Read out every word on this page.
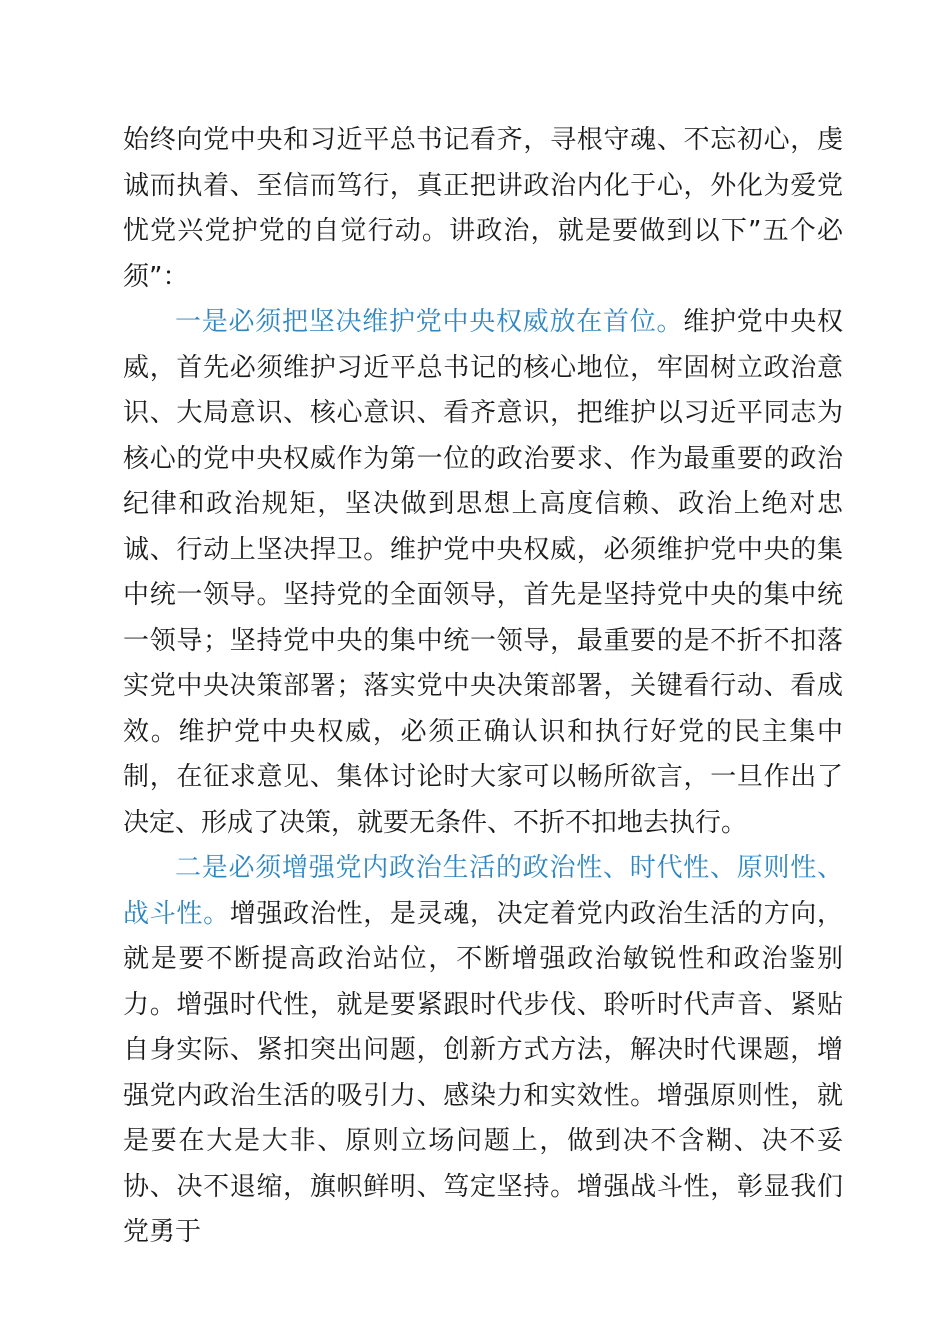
始终向党中央和习近平总书记看齐，寻根守魂、不忘初心，虔诚而执着、至信而笃行，真正把讲政治内化于心，外化为爱党忧党兴党护党的自觉行动。讲政治，就是要做到以下”五个必须”：

一是必须把坚决维护党中央权威放在首位。维护党中央权威，首先必须维护习近平总书记的核心地位，牢固树立政治意识、大局意识、核心意识、看齐意识，把维护以习近平同志为核心的党中央权威作为第一位的政治要求、作为最重要的政治纪律和政治规矩，坚决做到思想上高度信赖、政治上绝对忠诚、行动上坚决捍卫。维护党中央权威，必须维护党中央的集中统一领导。坚持党的全面领导，首先是坚持党中央的集中统一领导；坚持党中央的集中统一领导，最重要的是不折不扣落实党中央决策部署；落实党中央决策部署，关键看行动、看成效。维护党中央权威，必须正确认识和执行好党的民主集中制，在征求意见、集体讨论时大家可以畅所欲言，一旦作出了决定、形成了决策，就要无条件、不折不扣地去执行。

二是必须增强党内政治生活的政治性、时代性、原则性、战斗性。增强政治性，是灵魂，决定着党内政治生活的方向，就是要不断提高政治站位，不断增强政治敏锐性和政治鉴别力。增强时代性，就是要紧跟时代步伐、聆听时代声音、紧贴自身实际、紧扣突出问题，创新方式方法，解决时代课题，增强党内政治生活的吸引力、感染力和实效性。增强原则性，就是要在大是大非、原则立场问题上，做到决不含糊、决不妥协、决不退缩，旗帜鲜明、笃定坚持。增强战斗性，彰显我们党勇于
